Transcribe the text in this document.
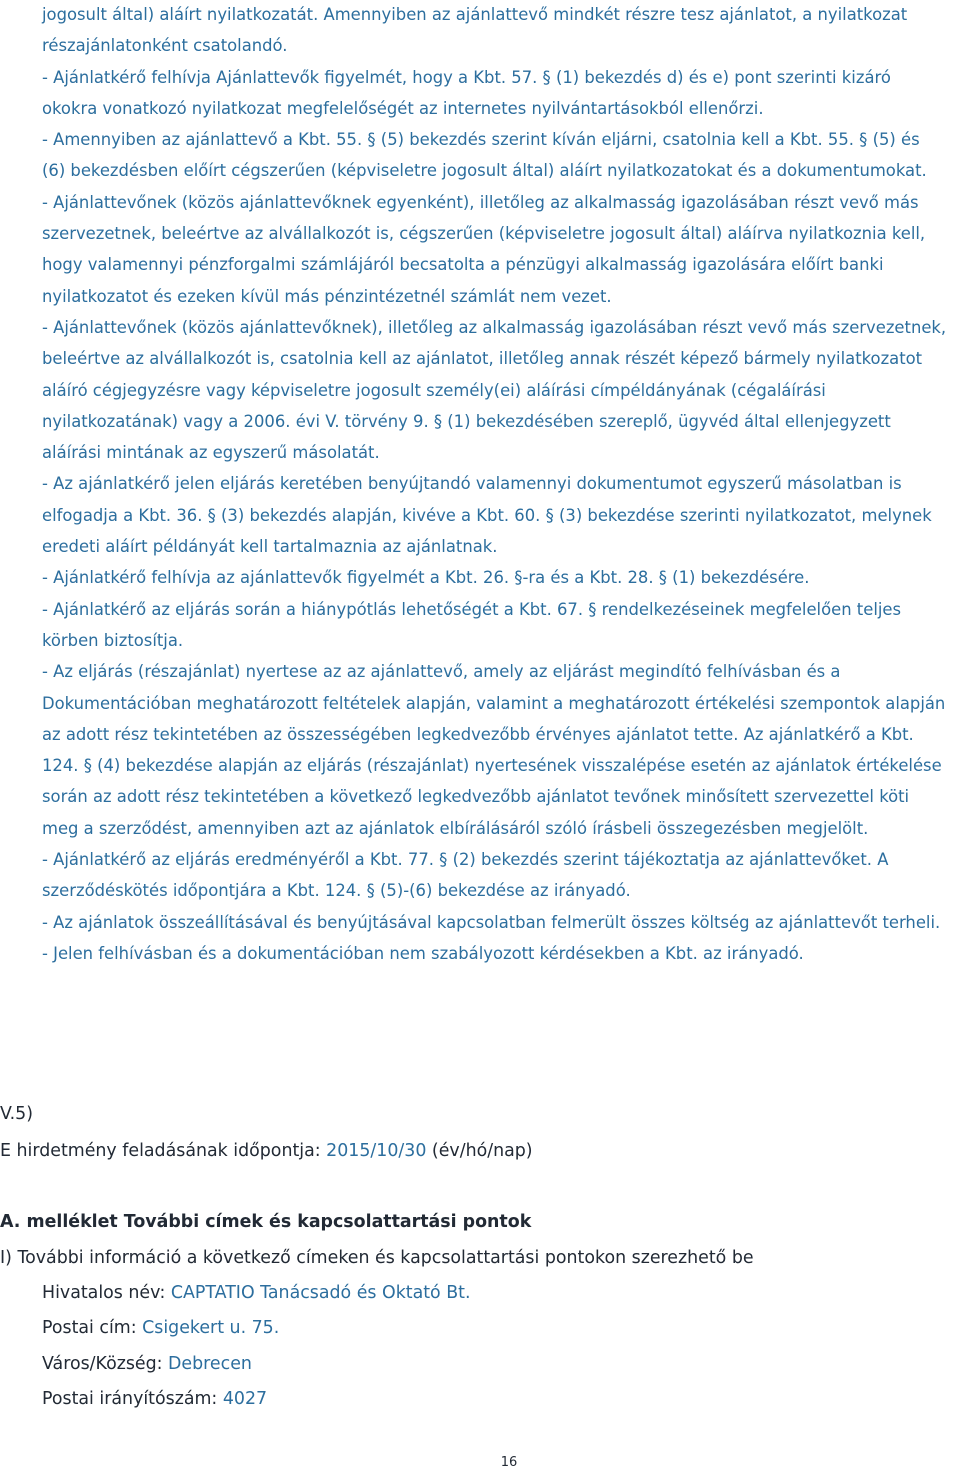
jogosult által) aláírt nyilatkozatát. Amennyiben az ajánlattevő mindkét részre tesz ajánlatot, a nyilatkozat részajánlatonként csatolandó.

- Ajánlatkérő felhívja Ajánlattevők figyelmét, hogy a Kbt. 57. § (1) bekezdés d) és e) pont szerinti kizáró okokra vonatkozó nyilatkozat megfelelőségét az internetes nyilvántartásokból ellenőrzi.

- Amennyiben az ajánlattevő a Kbt. 55. § (5) bekezdés szerint kíván eljárni, csatolnia kell a Kbt. 55. § (5) és (6) bekezdésben előírt cégszerűen (képviseletre jogosult által) aláírt nyilatkozatokat és a dokumentumokat.

- Ajánlattevőnek (közös ajánlattevőknek egyenként), illetőleg az alkalmasság igazolásában részt vevő más szervezetnek, beleértve az alvállalkozót is, cégszerűen (képviseletre jogosult által) aláírva nyilatkoznia kell, hogy valamennyi pénzforgalmi számlájáról becsatolta a pénzügyi alkalmasság igazolására előírt banki nyilatkozatot és ezeken kívül más pénzintézetnél számlát nem vezet.

- Ajánlattevőnek (közös ajánlattevőknek), illetőleg az alkalmasság igazolásában részt vevő más szervezetnek, beleértve az alvállalkozót is, csatolnia kell az ajánlatot, illetőleg annak részét képező bármely nyilatkozatot aláíró cégjegyzésre vagy képviseletre jogosult személy(ei) aláírási címpéldányának (cégaláírási nyilatkozatának) vagy a 2006. évi V. törvény 9. § (1) bekezdésében szereplő, ügyvéd által ellenjegyzett aláírási mintának az egyszerű másolatát.

- Az ajánlatkérő jelen eljárás keretében benyújtandó valamennyi dokumentumot egyszerű másolatban is elfogadja a Kbt. 36. § (3) bekezdés alapján, kivéve a Kbt. 60. § (3) bekezdése szerinti nyilatkozatot, melynek eredeti aláírt példányát kell tartalmaznia az ajánlatnak.

- Ajánlatkérő felhívja az ajánlattevők figyelmét a Kbt. 26. §-ra és a Kbt. 28. § (1) bekezdésére.

- Ajánlatkérő az eljárás során a hiánypótlás lehetőségét a Kbt. 67. § rendelkezéseinek megfelelően teljes körben biztosítja.

- Az eljárás (részajánlat) nyertese az az ajánlattevő, amely az eljárást megindító felhívásban és a Dokumentációban meghatározott feltételek alapján, valamint a meghatározott értékelési szempontok alapján az adott rész tekintetében az összességében legkedvezőbb érvényes ajánlatot tette. Az ajánlatkérő a Kbt. 124. § (4) bekezdése alapján az eljárás (részajánlat) nyertesének visszalépése esetén az ajánlatok értékelése során az adott rész tekintetében a következő legkedvezőbb ajánlatot tevőnek minősített szervezettel köti meg a szerződést, amennyiben azt az ajánlatok elbírálásáról szóló írásbeli összegezésben megjelölt.

- Ajánlatkérő az eljárás eredményéről a Kbt. 77. § (2) bekezdés szerint tájékoztatja az ajánlattevőket. A szerződéskötés időpontjára a Kbt. 124. § (5)-(6) bekezdése az irányadó.

- Az ajánlatok összeállításával és benyújtásával kapcsolatban felmerült összes költség az ajánlattevőt terheli.

- Jelen felhívásban és a dokumentációban nem szabályozott kérdésekben a Kbt. az irányadó.

V.5)
E hirdetmény feladásának időpontja: 2015/10/30 (év/hó/nap)
A. melléklet További címek és kapcsolattartási pontok
I) További információ a következő címeken és kapcsolattartási pontokon szerezhető be
Hivatalos név: CAPTATIO Tanácsadó és Oktató Bt.
Postai cím: Csigekert u. 75.
Város/Község: Debrecen
Postai irányítószám: 4027
16
